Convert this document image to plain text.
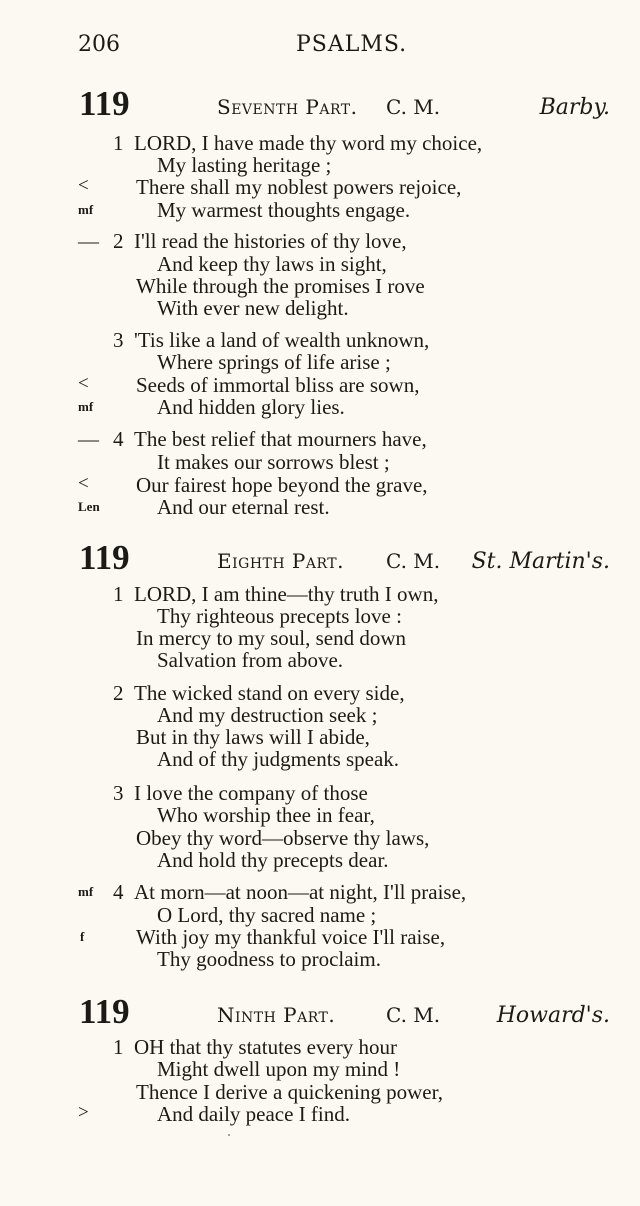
206	PSALMS.
119	Seventh Part. C. M.	Barby.
1 LORD, I have made thy word my choice,
My lasting heritage ;
< There shall my noblest powers rejoice,
mf	My warmest thoughts engage.
— 2 I'll read the histories of thy love,
And keep thy laws in sight,
While through the promises I rove
With ever new delight.
3 'Tis like a land of wealth unknown,
Where springs of life arise ;
< Seeds of immortal bliss are sown,
mf	And hidden glory lies.
— 4 The best relief that mourners have,
It makes our sorrows blest ;
< Our fairest hope beyond the grave,
Len	And our eternal rest.
119	Eighth Part. C. M. St. Martin's.
1 LORD, I am thine—thy truth I own,
Thy righteous precepts love :
In mercy to my soul, send down
Salvation from above.
2 The wicked stand on every side,
And my destruction seek ;
But in thy laws will I abide,
And of thy judgments speak.
3 I love the company of those
Who worship thee in fear,
Obey thy word—observe thy laws,
And hold thy precepts dear.
mf 4 At morn—at noon—at night, I'll praise,
O Lord, thy sacred name ;
f With joy my thankful voice I'll raise,
Thy goodness to proclaim.
119	Ninth Part.	C. M.	Howard's.
1 OH that thy statutes every hour
Might dwell upon my mind !
Thence I derive a quickening power,
>	And daily peace I find.
